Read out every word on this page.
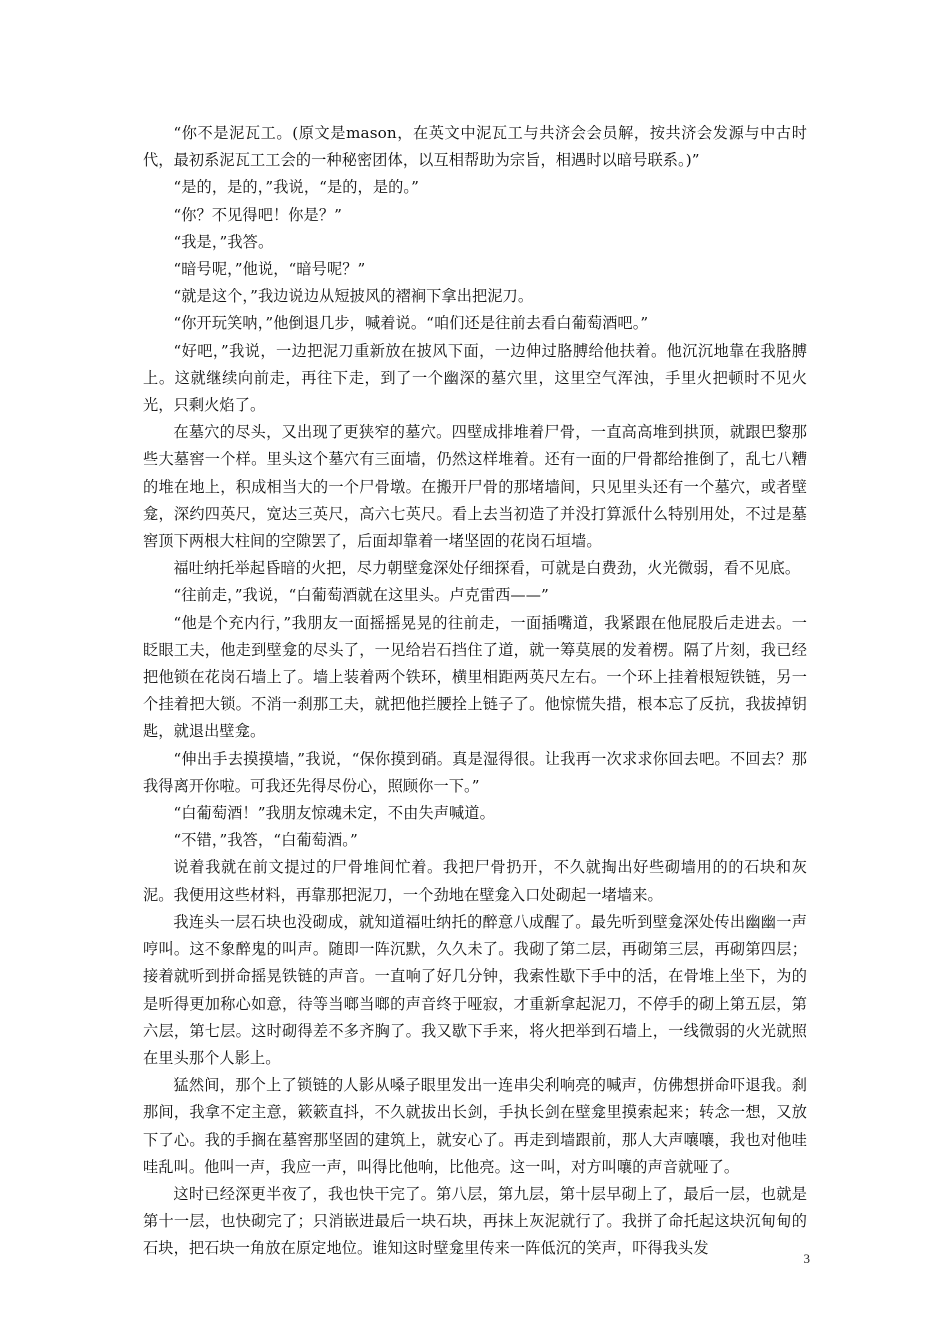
“你不是泥瓦工。(原文是mason，在英文中泥瓦工与共济会会员解，按共济会发源与中古时代，最初系泥瓦工工会的一种秘密团体，以互相帮助为宗旨，相遇时以暗号联系。)”

“是的，是的，”我说，“是的，是的。”

“你？不见得吧！你是？”

“我是，”我答。

“暗号呢，”他说，“暗号呢？”

“就是这个，”我边说边从短披风的褶裥下拿出把泥刀。

“你开玩笑呐，”他倒退几步，喊着说。“咱们还是往前去看白葡萄酒吧。”

“好吧，”我说，一边把泥刀重新放在披风下面，一边伸过胳膊给他扶着。他沉沉地靠在我胳膊上。这就继续向前走，再往下走，到了一个幽深的墓穴里，这里空气浑浊，手里火把顿时不见火光，只剩火焰了。

在墓穴的尽头，又出现了更狭窄的墓穴。四壁成排堆着尸骨，一直高高堆到拱顶，就跟巴黎那些大墓窖一个样。里头这个墓穴有三面墙，仍然这样堆着。还有一面的尸骨都给推倒了，乱七八糟的堆在地上，积成相当大的一个尸骨墩。在搬开尸骨的那堵墙间，只见里头还有一个墓穴，或者壁龛，深约四英尺，宽达三英尺，高六七英尺。看上去当初造了并没打算派什么特别用处，不过是墓窖顶下两根大柱间的空隙罢了，后面却靠着一堵坚固的花岗石垣墙。

福吐纳托举起昏暗的火把，尽力朝壁龛深处仔细探看，可就是白费劲，火光微弱，看不见底。

“往前走，”我说，“白葡萄酒就在这里头。卢克雷西——”

“他是个充内行，”我朋友一面摇摇晃晃的往前走，一面插嘴道，我紧跟在他屁股后走进去。一眨眼工夫，他走到壁龛的尽头了，一见给岩石挡住了道，就一筹莫展的发着楞。隔了片刻，我已经把他锁在花岗石墙上了。墙上装着两个铁环，横里相距两英尺左右。一个环上挂着根短铁链，另一个挂着把大锁。不消一刹那工夫，就把他拦腰拴上链子了。他惊慌失措，根本忘了反抗，我拔掉钥匙，就退出壁龛。

“伸出手去摸摸墙，”我说，“保你摸到硝。真是湿得很。让我再一次求求你回去吧。不回去？那我得离开你啦。可我还先得尽份心，照顾你一下。”

“白葡萄酒！”我朋友惊魂未定，不由失声喊道。

“不错，”我答，“白葡萄酒。”

说着我就在前文提过的尸骨堆间忙着。我把尸骨扔开，不久就掏出好些砌墙用的的石块和灰泥。我便用这些材料，再靠那把泥刀，一个劲地在壁龛入口处砌起一堵墙来。

我连头一层石块也没砌成，就知道福吐纳托的醉意八成醒了。最先听到壁龛深处传出幽幽一声哼叫。这不象醉鬼的叫声。随即一阵沉默，久久未了。我砌了第二层，再砌第三层，再砌第四层；接着就听到拼命摇晃铁链的声音。一直响了好几分钟，我索性歇下手中的活，在骨堆上坐下，为的是听得更加称心如意，待等当啷当啷的声音终于哑寂，才重新拿起泥刀，不停手的砌上第五层，第六层，第七层。这时砌得差不多齐胸了。我又歇下手来，将火把举到石墙上，一线微弱的火光就照在里头那个人影上。

猛然间，那个上了锁链的人影从嗓子眼里发出一连串尖利响亮的喊声，仿佛想拼命吓退我。刹那间，我拿不定主意，簌簌直抖，不久就拔出长剑，手执长剑在壁龛里摸索起来；转念一想，又放下了心。我的手搁在墓窖那坚固的建筑上，就安心了。再走到墙跟前，那人大声嚷嚷，我也对他哇哇乱叫。他叫一声，我应一声，叫得比他响，比他亮。这一叫，对方叫嚷的声音就哑了。

这时已经深更半夜了，我也快干完了。第八层，第九层，第十层早砌上了，最后一层，也就是第十一层，也快砌完了；只消嵌进最后一块石块，再抹上灰泥就行了。我拼了命托起这块沉甸甸的石块，把石块一角放在原定地位。谁知这时壁龛里传来一阵低沉的笑声，吓得我头发

3
